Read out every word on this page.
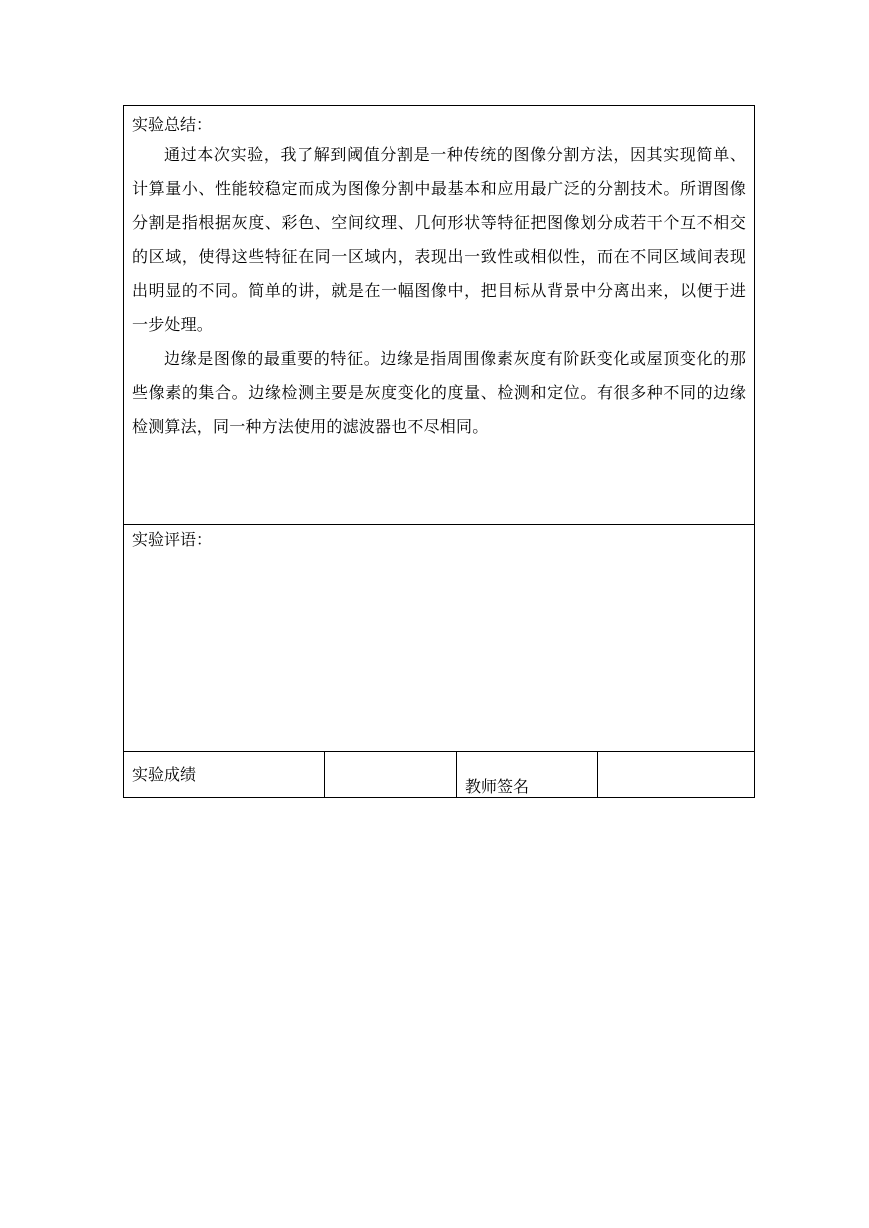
实验总结：

通过本次实验，我了解到阈值分割是一种传统的图像分割方法，因其实现简单、计算量小、性能较稳定而成为图像分割中最基本和应用最广泛的分割技术。所谓图像分割是指根据灰度、彩色、空间纹理、几何形状等特征把图像划分成若干个互不相交的区域，使得这些特征在同一区域内，表现出一致性或相似性，而在不同区域间表现出明显的不同。简单的讲，就是在一幅图像中，把目标从背景中分离出来，以便于进一步处理。

边缘是图像的最重要的特征。边缘是指周围像素灰度有阶跃变化或屋顶变化的那些像素的集合。边缘检测主要是灰度变化的度量、检测和定位。有很多种不同的边缘检测算法，同一种方法使用的滤波器也不尽相同。

实验评语：

实验成绩		教师签名	
